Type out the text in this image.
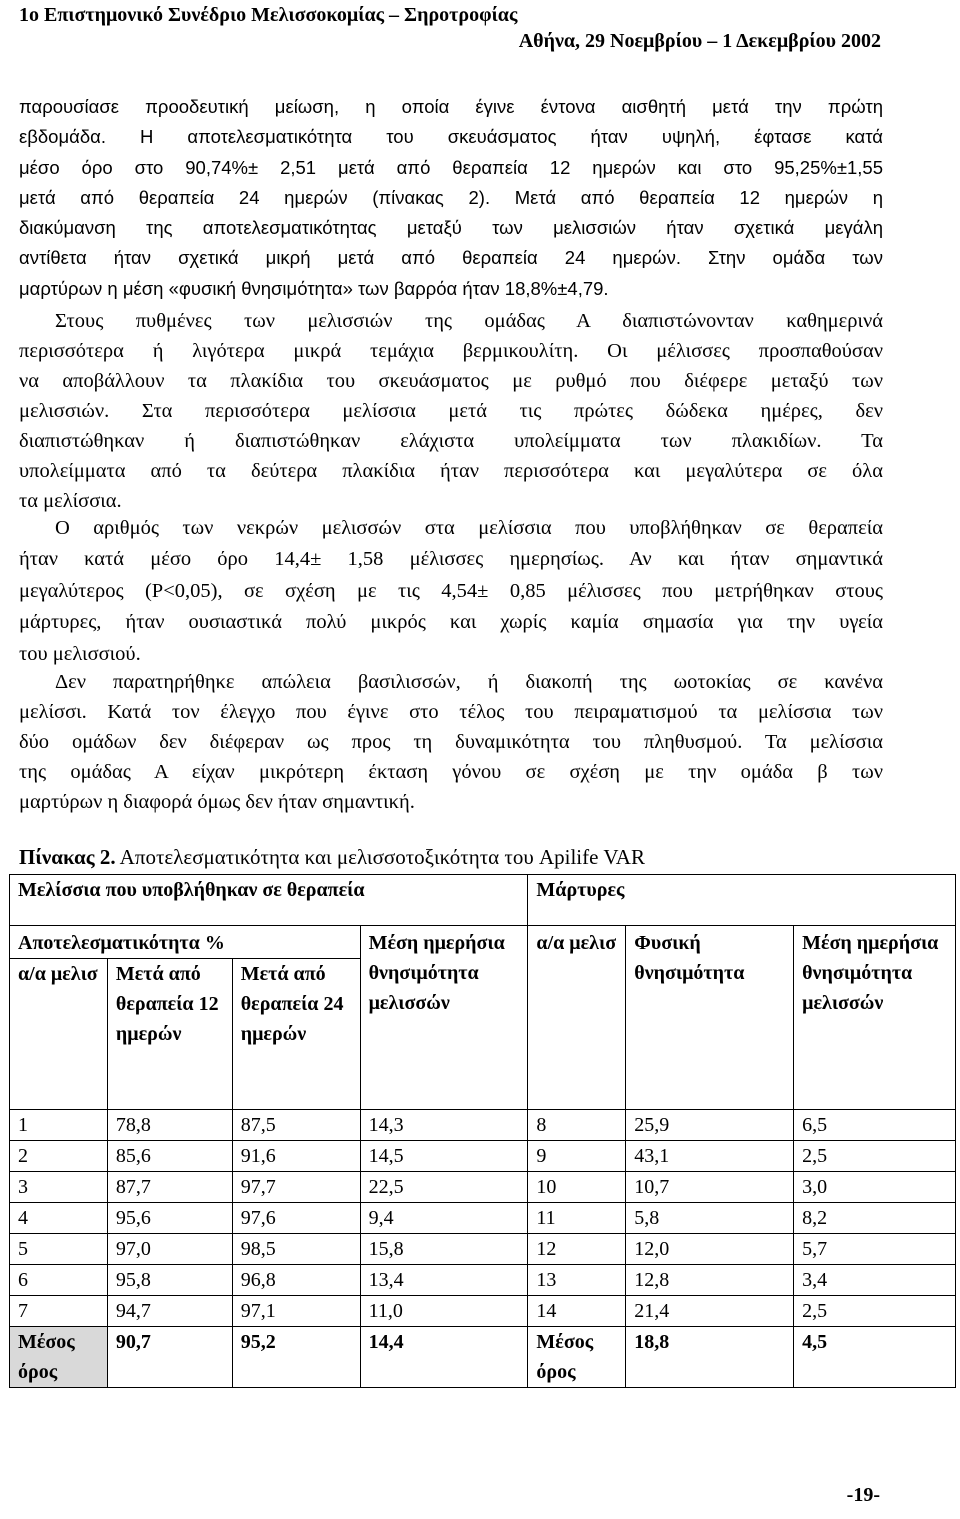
1ο Επιστημονικό Συνέδριο Μελισσοκομίας – Σηροτροφίας
Αθήνα, 29 Νοεμβρίου – 1 Δεκεμβρίου 2002
παρουσίασε προοδευτική μείωση, η οποία έγινε έντονα αισθητή μετά την πρώτη
εβδομάδα. Η αποτελεσματικότητα του σκευάσματος ήταν υψηλή, έφτασε κατά
μέσο όρο στο 90,74%± 2,51 μετά από θεραπεία 12 ημερών και στο 95,25%±1,55
μετά από θεραπεία 24 ημερών (πίνακας 2). Μετά από θεραπεία 12 ημερών η
διακύμανση της αποτελεσματικότητας μεταξύ των μελισσιών ήταν σχετικά μεγάλη
αντίθετα ήταν σχετικά μικρή μετά από θεραπεία 24 ημερών. Στην ομάδα των
μαρτύρων η μέση «φυσική θνησιμότητα» των βαρρόα ήταν 18,8%±4,79.
Στους πυθμένες των μελισσιών της ομάδας Α διαπιστώνονταν καθημερινά
περισσότερα ή λιγότερα μικρά τεμάχια βερμικουλίτη. Οι μέλισσες προσπαθούσαν
να αποβάλλουν τα πλακίδια του σκευάσματος με ρυθμό που διέφερε μεταξύ των
μελισσιών. Στα περισσότερα μελίσσια μετά τις πρώτες δώδεκα ημέρες, δεν
διαπιστώθηκαν ή διαπιστώθηκαν ελάχιστα υπολείμματα των πλακιδίων. Τα
υπολείμματα από τα δεύτερα πλακίδια ήταν περισσότερα και μεγαλύτερα σε όλα
τα μελίσσια.
Ο αριθμός των νεκρών μελισσών στα μελίσσια που υποβλήθηκαν σε θεραπεία
ήταν κατά μέσο όρο 14,4± 1,58 μέλισσες ημερησίως. Αν και ήταν σημαντικά
μεγαλύτερος (P<0,05), σε σχέση με τις 4,54± 0,85 μέλισσες που μετρήθηκαν στους
μάρτυρες, ήταν ουσιαστικά πολύ μικρός και χωρίς καμία σημασία για την υγεία
του μελισσιού.
Δεν παρατηρήθηκε απώλεια βασιλισσών, ή διακοπή της ωοτοκίας σε κανένα
μελίσσι. Κατά τον έλεγχο που έγινε στο τέλος του πειραματισμού τα μελίσσια των
δύο ομάδων δεν διέφεραν ως προς τη δυναμικότητα του πληθυσμού. Τα μελίσσια
της ομάδας Α είχαν μικρότερη έκταση γόνου σε σχέση με την ομάδα β των
μαρτύρων η διαφορά όμως δεν ήταν σημαντική.
Πίνακας 2. Αποτελεσματικότητα και μελισσοτοξικότητα του Apilife VAR
Μελίσσια που υποβλήθηκαν σε θεραπεία				Μάρτυρες		
Αποτελεσματικότητα %			Μέση ημερήσια θνησιμότητα μελισσών	α/α μελισ	Φυσική θνησιμότητα	Μέση ημερήσια θνησιμότητα μελισσών
α/α μελισ	Μετά από θεραπεία 12 ημερών	Μετά από θεραπεία 24 ημερών				
1	78,8	87,5	14,3	8	25,9	6,5
2	85,6	91,6	14,5	9	43,1	2,5
3	87,7	97,7	22,5	10	10,7	3,0
4	95,6	97,6	9,4	11	5,8	8,2
5	97,0	98,5	15,8	12	12,0	5,7
6	95,8	96,8	13,4	13	12,8	3,4
7	94,7	97,1	11,0	14	21,4	2,5
Μέσος όρος	90,7	95,2	14,4	Μέσος όρος	18,8	4,5
-19-
